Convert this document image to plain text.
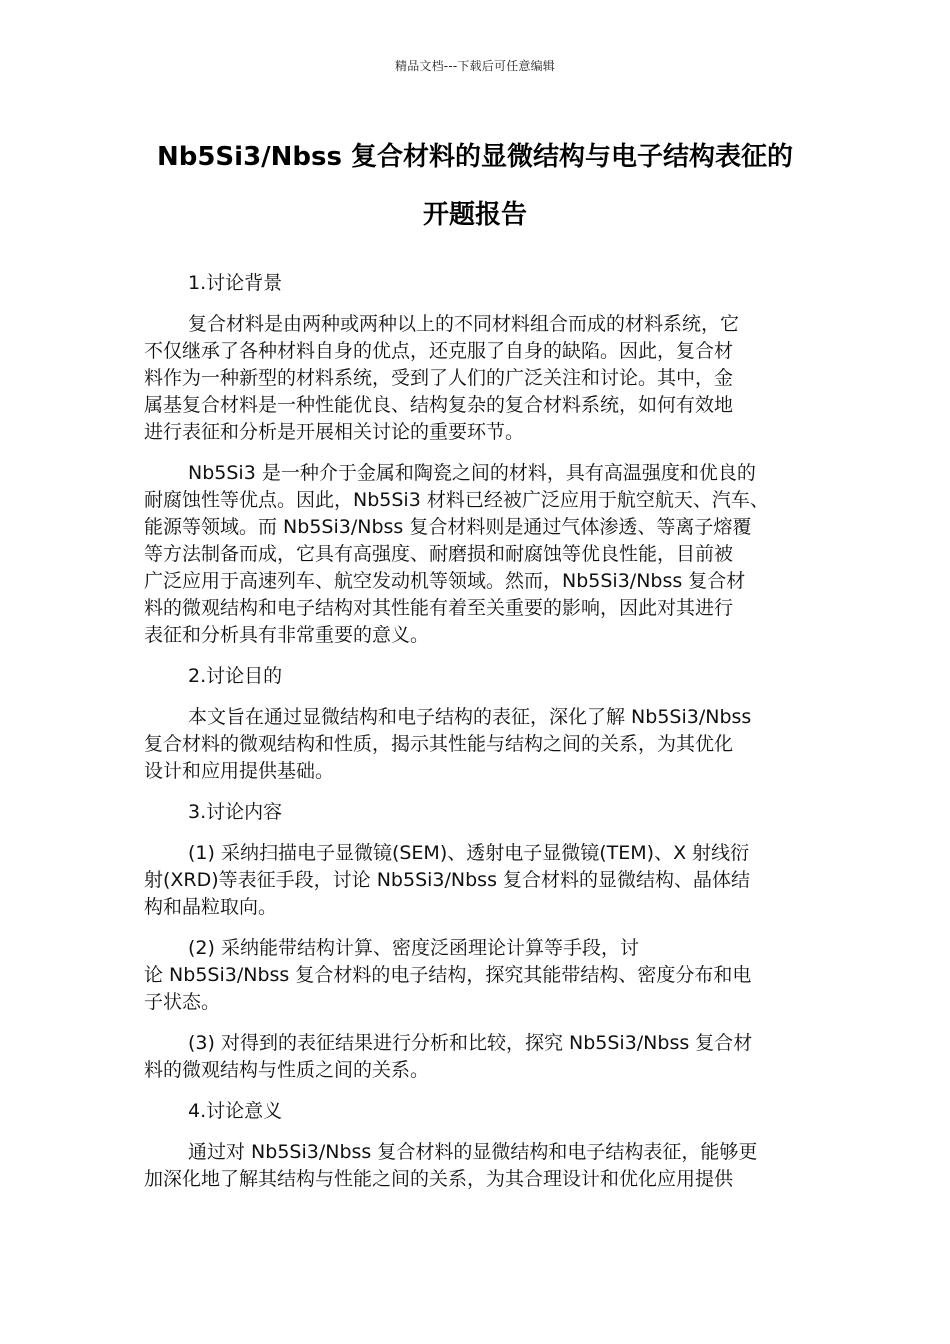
精品文档---下载后可任意编辑
Nb5Si3/Nbss 复合材料的显微结构与电子结构表征的
开题报告
1.讨论背景
复合材料是由两种或两种以上的不同材料组合而成的材料系统，它
不仅继承了各种材料自身的优点，还克服了自身的缺陷。因此，复合材
料作为一种新型的材料系统，受到了人们的广泛关注和讨论。其中，金
属基复合材料是一种性能优良、结构复杂的复合材料系统，如何有效地
进行表征和分析是开展相关讨论的重要环节。
Nb5Si3 是一种介于金属和陶瓷之间的材料，具有高温强度和优良的
耐腐蚀性等优点。因此，Nb5Si3 材料已经被广泛应用于航空航天、汽车、
能源等领域。而 Nb5Si3/Nbss 复合材料则是通过气体渗透、等离子熔覆
等方法制备而成，它具有高强度、耐磨损和耐腐蚀等优良性能，目前被
广泛应用于高速列车、航空发动机等领域。然而，Nb5Si3/Nbss 复合材
料的微观结构和电子结构对其性能有着至关重要的影响，因此对其进行
表征和分析具有非常重要的意义。
2.讨论目的
本文旨在通过显微结构和电子结构的表征，深化了解 Nb5Si3/Nbss
复合材料的微观结构和性质，揭示其性能与结构之间的关系，为其优化
设计和应用提供基础。
3.讨论内容
(1) 采纳扫描电子显微镜(SEM)、透射电子显微镜(TEM)、X 射线衍
射(XRD)等表征手段，讨论 Nb5Si3/Nbss 复合材料的显微结构、晶体结
构和晶粒取向。
(2) 采纳能带结构计算、密度泛函理论计算等手段，讨
论 Nb5Si3/Nbss 复合材料的电子结构，探究其能带结构、密度分布和电
子状态。
(3) 对得到的表征结果进行分析和比较，探究 Nb5Si3/Nbss 复合材
料的微观结构与性质之间的关系。
4.讨论意义
通过对 Nb5Si3/Nbss 复合材料的显微结构和电子结构表征，能够更
加深化地了解其结构与性能之间的关系，为其合理设计和优化应用提供
